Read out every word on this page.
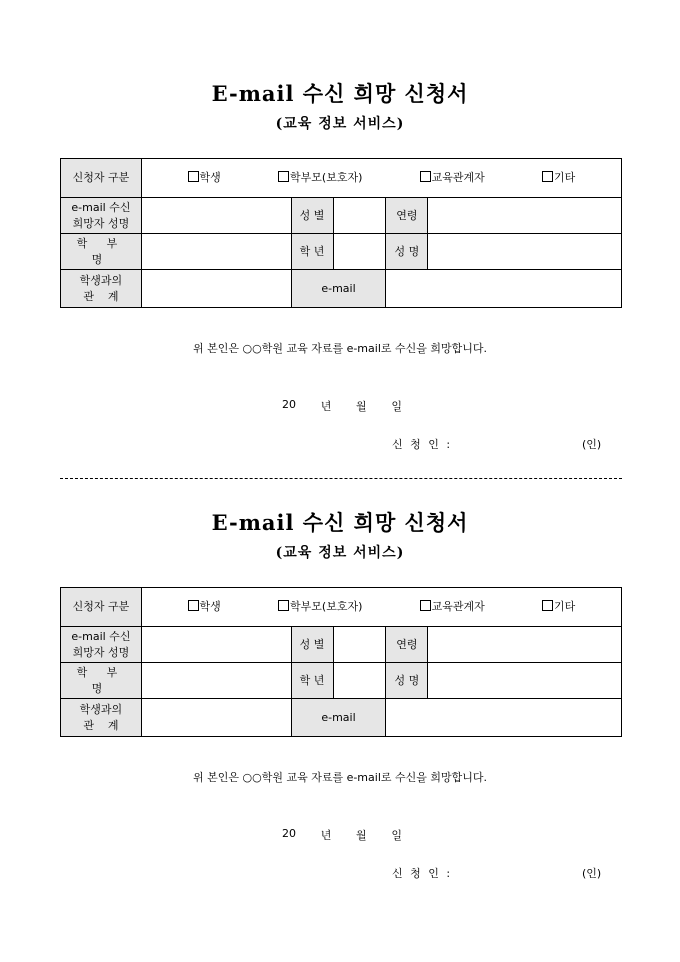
E-mail 수신 희망 신청서
(교육 정보 서비스)
신청자 구분	학생 학부모(보호자) 교육관계자 기타				

e-mail 수신
희망자 성명		성 별		연령	
학 부 명		학 년		성 명	
학생과의
관    계		e-mail			
위 본인은 ○○학원 교육 자료를 e-mail로 수신을 희망합니다.
20 년 월 일
신 청 인 :	(인)
E-mail 수신 희망 신청서
(교육 정보 서비스)
신청자 구분	학생 학부모(보호자) 교육관계자 기타				

e-mail 수신
희망자 성명		성 별		연령	
학 부 명		학 년		성 명	
학생과의
관    계		e-mail			
위 본인은 ○○학원 교육 자료를 e-mail로 수신을 희망합니다.
20 년 월 일
신 청 인 :	(인)
